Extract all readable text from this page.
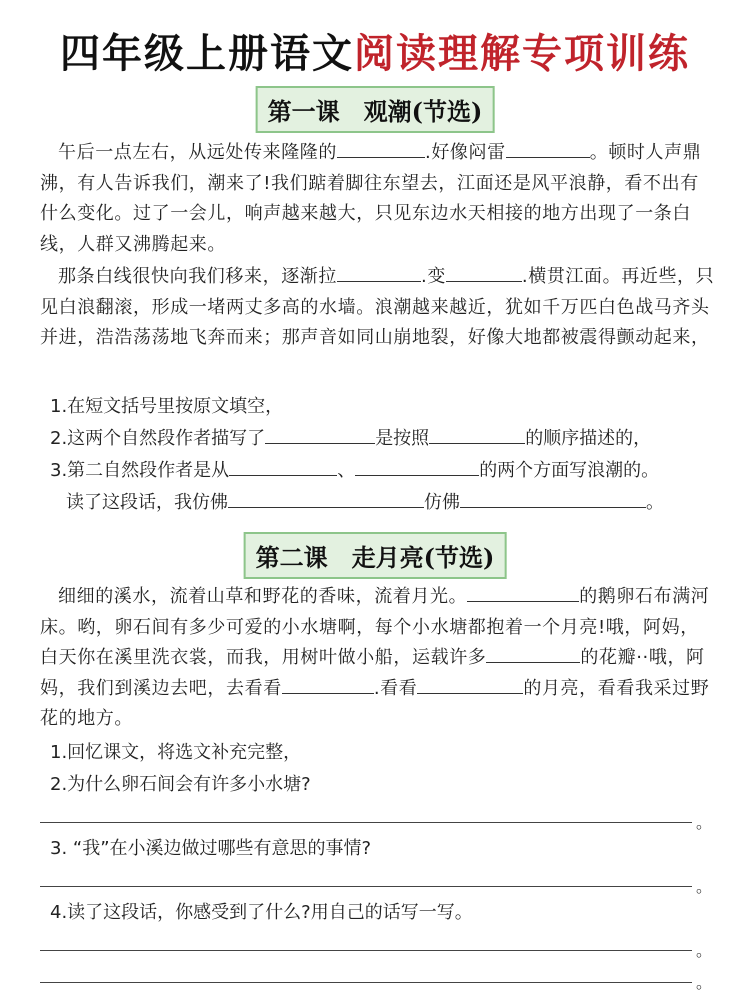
四年级上册语文阅读理解专项训练
第一课　观潮(节选)
午后一点左右，从远处传来隆隆的	.好像闷雷	。顿时人声鼎沸，有人告诉我们，潮来了!我们踮着脚往东望去，江面还是风平浪静，看不出有什么变化。过了一会儿，响声越来越大，只见东边水天相接的地方出现了一条白线，人群又沸腾起来。
那条白线很快向我们移来，逐渐拉	.变	.横贯江面。再近些，只见白浪翻滚，形成一堵两丈多高的水墙。浪潮越来越近，犹如千万匹白色战马齐头并进，浩浩荡荡地飞奔而来；那声音如同山崩地裂，好像大地都被震得颤动起来，
1.在短文括号里按原文填空，
2.这两个自然段作者描写了	是按照	的顺序描述的，
3.第二自然段作者是从	、	的两个方面写浪潮的。
读了这段话，我仿佛	仿佛	。
第二课　走月亮(节选)
细细的溪水，流着山草和野花的香味，流着月光。	的鹅卵石布满河床。哟，卵石间有多少可爱的小水塘啊，每个小水塘都抱着一个月亮!哦，阿妈，白天你在溪里洗衣裳，而我，用树叶做小船，运载许多	的花瓣··哦，阿妈，我们到溪边去吧，去看看	.看看	的月亮，看看我采过野花的地方。
1.回忆课文，将选文补充完整，
2.为什么卵石间会有许多小水塘?
。
3. “我”在小溪边做过哪些有意思的事情?
。
4.读了这段话，你感受到了什么?用自己的话写一写。
。
。
